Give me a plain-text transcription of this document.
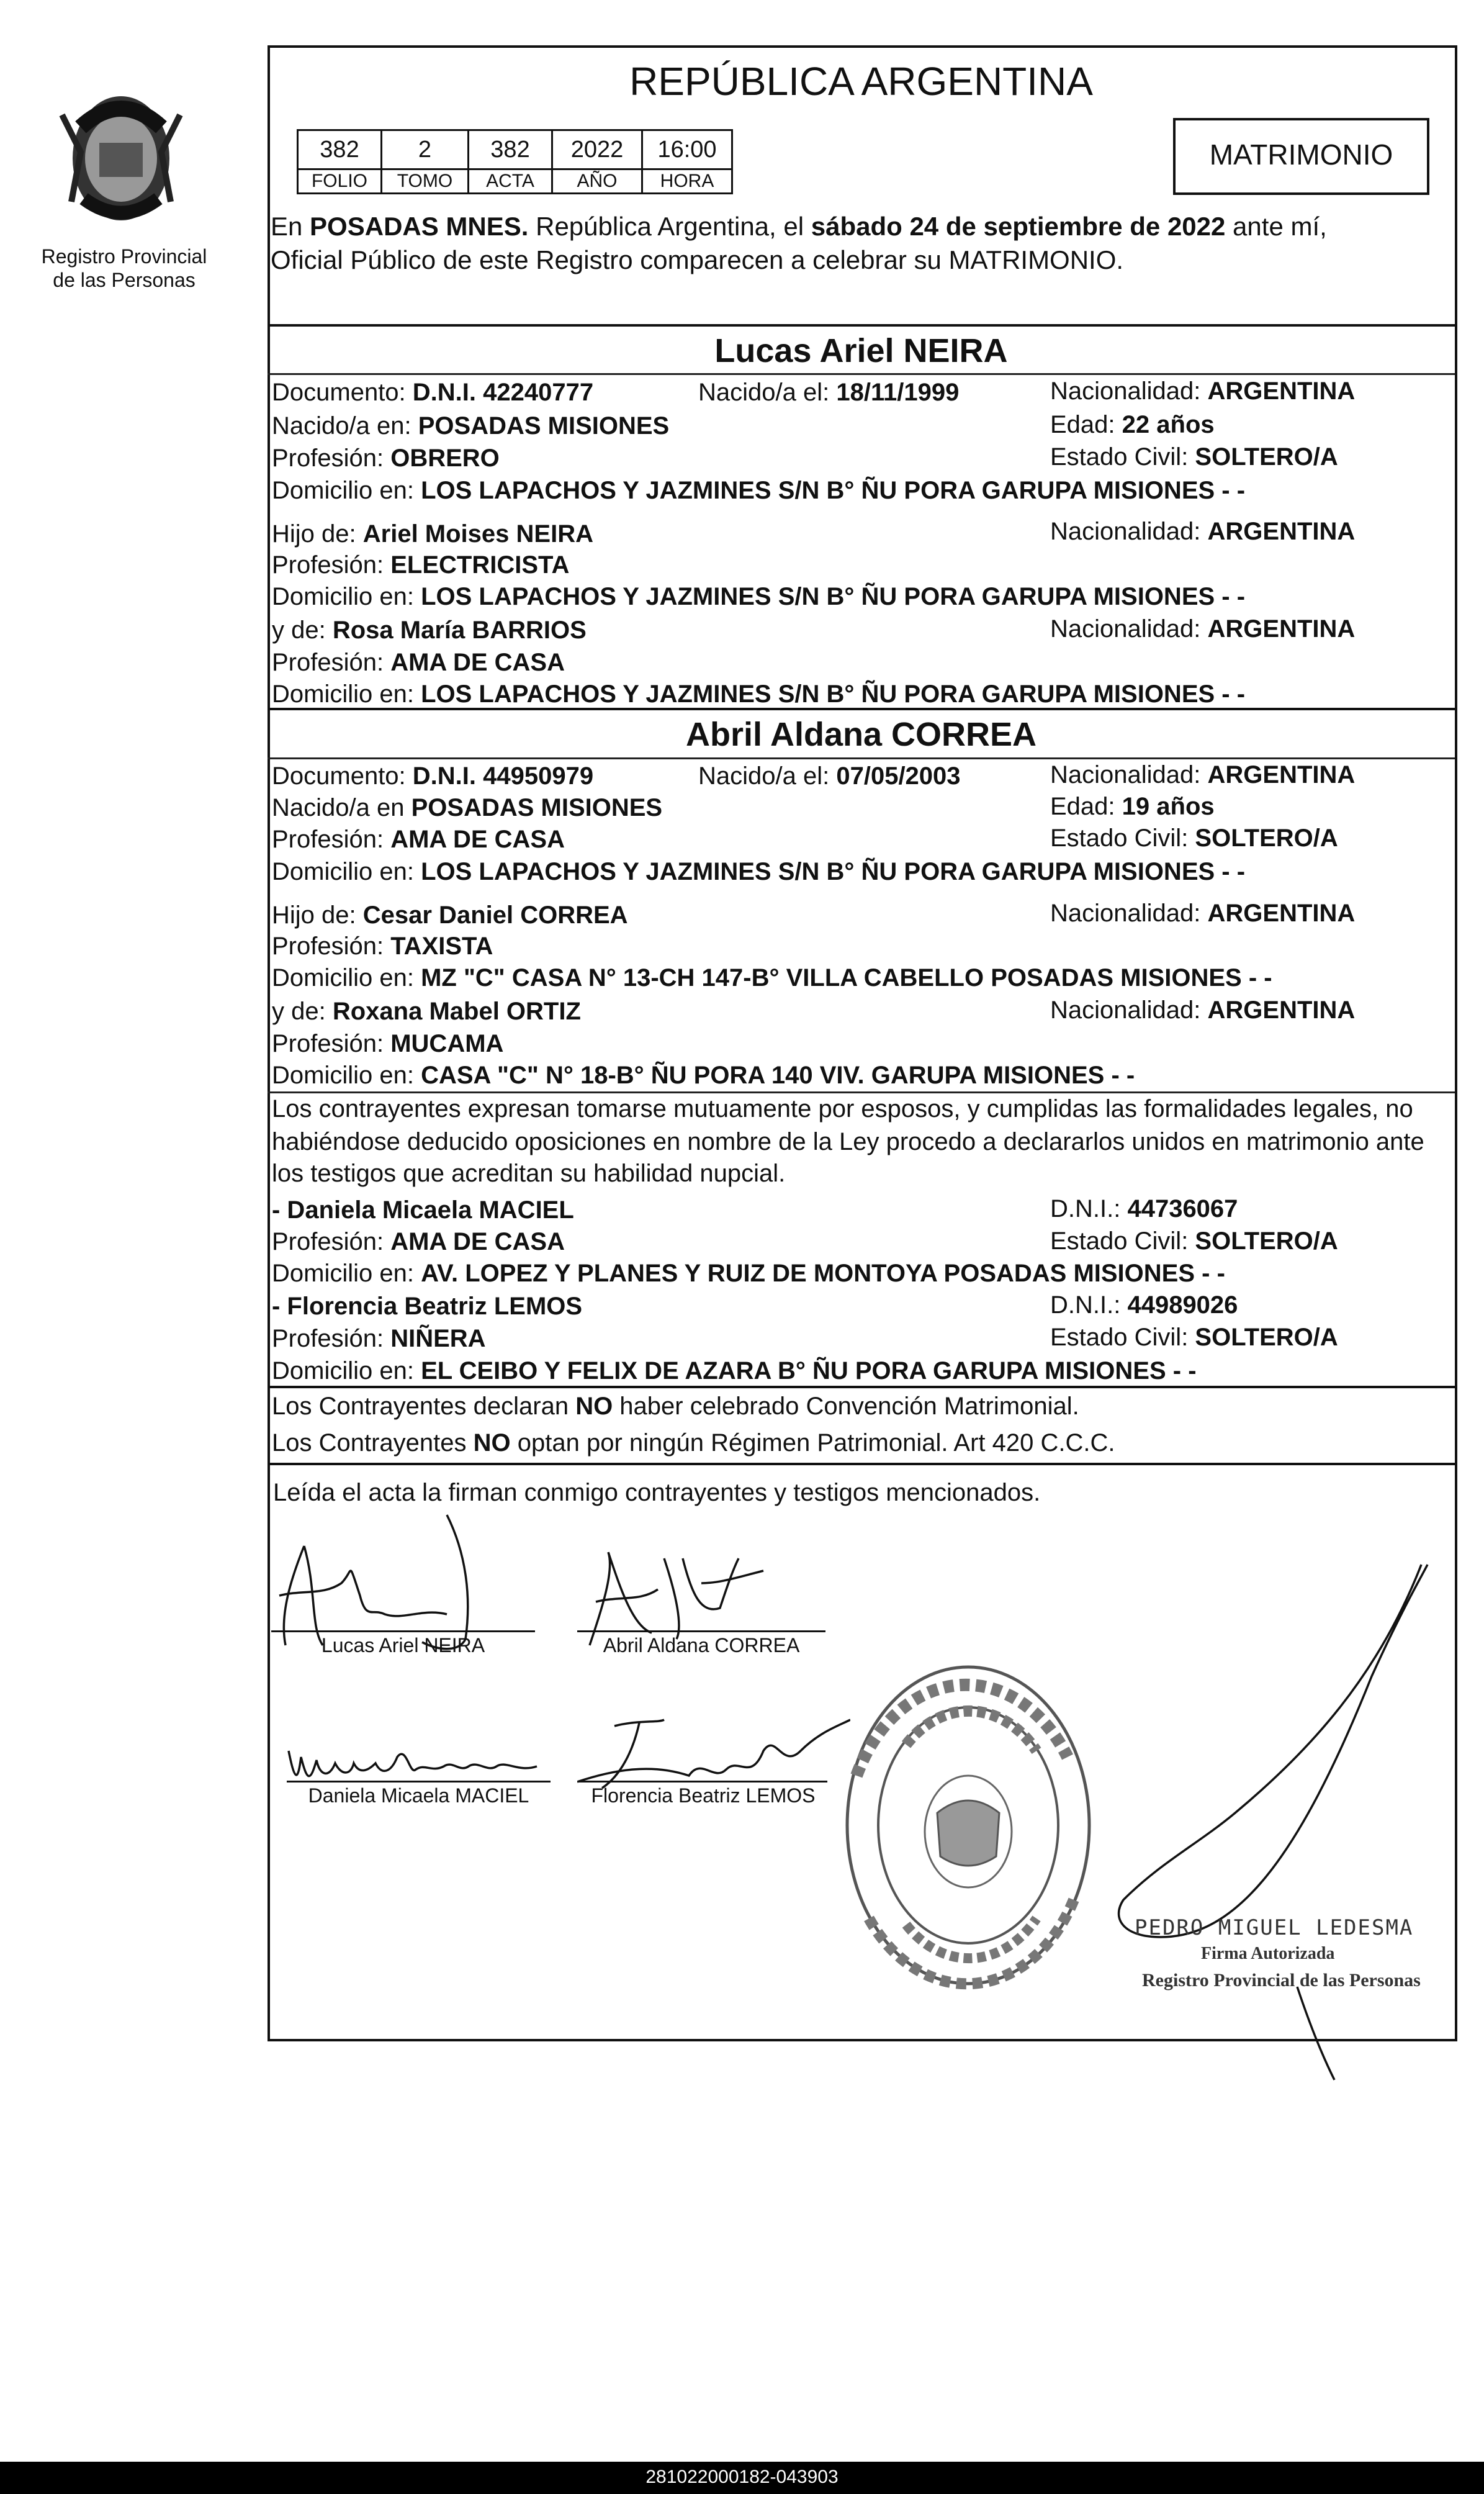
Registro Provincial
de las Personas
REPÚBLICA ARGENTINA
382	2	382	2022	16:00
FOLIO	TOMO	ACTA	AÑO	HORA
MATRIMONIO
En POSADAS MNES. República Argentina, el sábado 24 de septiembre de 2022 ante mí,
Oficial Público de este Registro comparecen a celebrar su MATRIMONIO.
Lucas Ariel NEIRA
Documento: D.N.I. 42240777	Nacido/a el: 18/11/1999	Nacionalidad: ARGENTINA
Nacido/a en: POSADAS MISIONES	Edad: 22 años
Profesión: OBRERO	Estado Civil: SOLTERO/A
Domicilio en: LOS LAPACHOS Y JAZMINES S/N B° ÑU PORA GARUPA MISIONES - -
Hijo de: Ariel Moises NEIRA	Nacionalidad: ARGENTINA
Profesión: ELECTRICISTA
Domicilio en: LOS LAPACHOS Y JAZMINES S/N B° ÑU PORA GARUPA MISIONES - -
y de: Rosa María BARRIOS	Nacionalidad: ARGENTINA
Profesión: AMA DE CASA
Domicilio en: LOS LAPACHOS Y JAZMINES S/N B° ÑU PORA GARUPA MISIONES - -
Abril Aldana CORREA
Documento: D.N.I. 44950979	Nacido/a el: 07/05/2003	Nacionalidad: ARGENTINA
Nacido/a en POSADAS MISIONES	Edad: 19 años
Profesión: AMA DE CASA	Estado Civil: SOLTERO/A
Domicilio en: LOS LAPACHOS Y JAZMINES S/N B° ÑU PORA GARUPA MISIONES - -
Hijo de: Cesar Daniel CORREA	Nacionalidad: ARGENTINA
Profesión: TAXISTA
Domicilio en: MZ "C" CASA N° 13-CH 147-B° VILLA CABELLO POSADAS MISIONES - -
y de: Roxana Mabel ORTIZ	Nacionalidad: ARGENTINA
Profesión: MUCAMA
Domicilio en: CASA "C" N° 18-B° ÑU PORA 140 VIV. GARUPA MISIONES - -
Los contrayentes expresan tomarse mutuamente por esposos, y cumplidas las formalidades legales, no
habiéndose deducido oposiciones en nombre de la Ley procedo a declararlos unidos en matrimonio ante
los testigos que acreditan su habilidad nupcial.
- Daniela Micaela MACIEL	D.N.I.: 44736067
Profesión: AMA DE CASA	Estado Civil: SOLTERO/A
Domicilio en: AV. LOPEZ Y PLANES Y RUIZ DE MONTOYA POSADAS MISIONES - -
- Florencia Beatriz LEMOS	D.N.I.: 44989026
Profesión: NIÑERA	Estado Civil: SOLTERO/A
Domicilio en: EL CEIBO Y FELIX DE AZARA B° ÑU PORA GARUPA MISIONES - -
Los Contrayentes declaran NO haber celebrado Convención Matrimonial.
Los Contrayentes NO optan por ningún Régimen Patrimonial. Art 420 C.C.C.
Leída el acta la firman conmigo contrayentes y testigos mencionados.
Lucas Ariel NEIRA	Abril Aldana CORREA
Daniela Micaela MACIEL	Florencia Beatriz LEMOS
PEDRO MIGUEL LEDESMA
Firma Autorizada
Registro Provincial de las Personas
281022000182-043903
